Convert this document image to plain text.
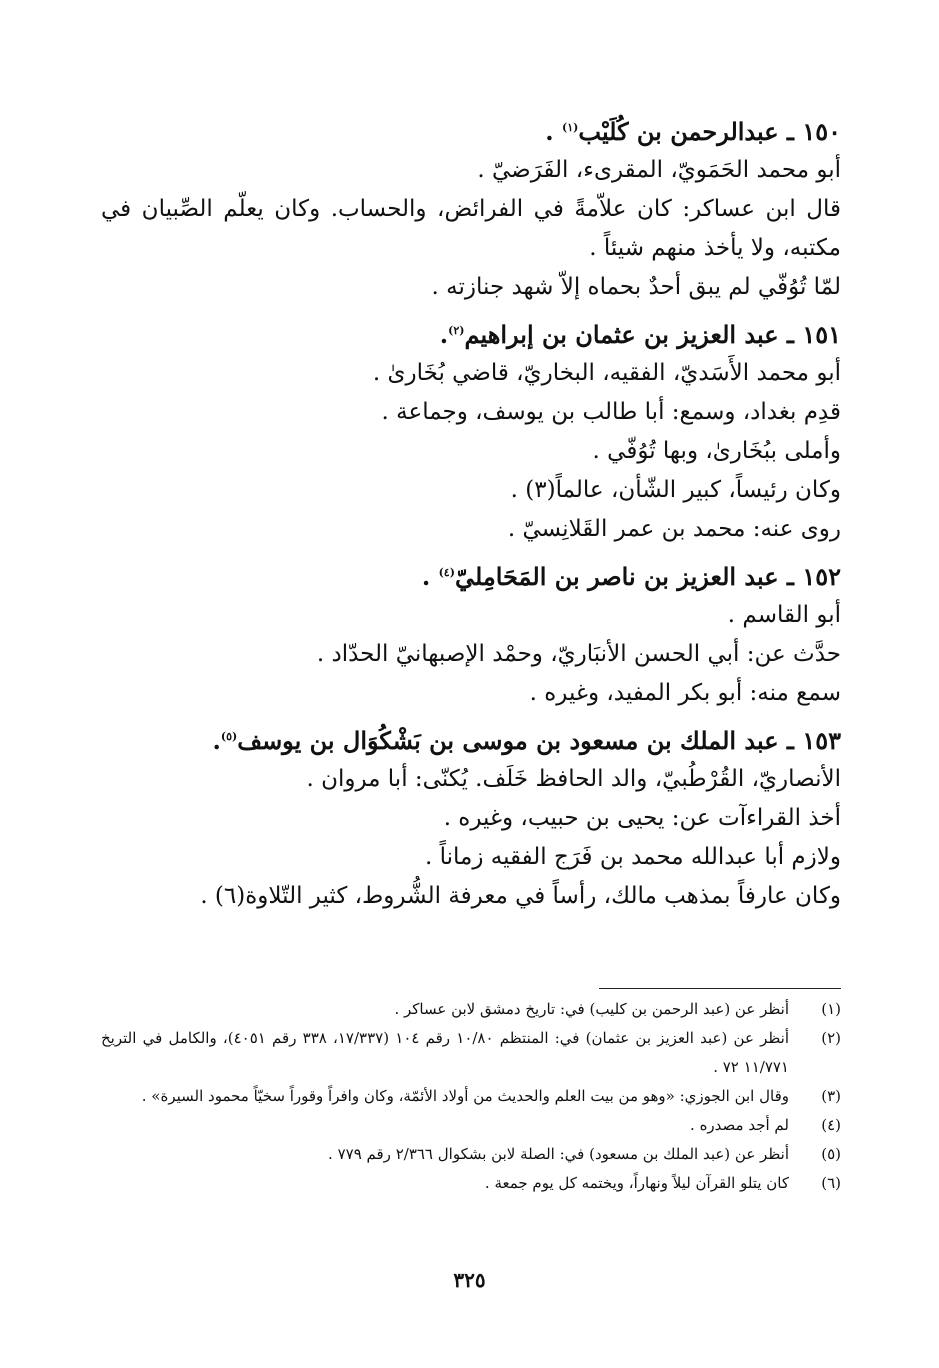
١٥٠ ـ عبدالرحمن بن كُلَيْب$^{(١)}$ .
أبو محمد الحَمَويّ، المقرىء، الفَرَضيّ .
قال ابن عساكر: كان علاّمةً في الفرائض، والحساب. وكان يعلّم الصِّبيان في مكتبه، ولا يأخذ منهم شيئاً .
لمّا تُوُفّي لم يبق أحدٌ بحماه إلاّ شهد جنازته .
١٥١ ـ عبد العزيز بن عثمان بن إبراهيم$^{(٢)}$.
أبو محمد الأَسَديّ، الفقيه، البخاريّ، قاضي بُخَارىٰ .
قدِم بغداد، وسمع: أبا طالب بن يوسف، وجماعة .
وأملى ببُخَارىٰ، وبها تُوُفّي .
وكان رئيساً، كبير الشّأن، عالماً(٣) .
روى عنه: محمد بن عمر القَلانِسيّ .
١٥٢ ـ عبد العزيز بن ناصر بن المَحَامِليّ$^{(٤)}$ .
أبو القاسم .
حدَّث عن: أبي الحسن الأنبَاريّ، وحمْد الإصبهانيّ الحدّاد .
سمع منه: أبو بكر المفيد، وغيره .
١٥٣ ـ عبد الملك بن مسعود بن موسى بن بَشْكُوَال بن يوسف$^{(٥)}$.
الأنصاريّ، القُرْطُبيّ، والد الحافظ خَلَف. يُكنّى: أبا مروان .
أخذ القراءآت عن: يحيى بن حبيب، وغيره .
ولازم أبا عبدالله محمد بن فَرَج الفقيه زماناً .
وكان عارفاً بمذهب مالك، رأساً في معرفة الشُّروط، كثير التّلاوة(٦) .
(١)
أنظر عن (عبد الرحمن بن كليب) في: تاريخ دمشق لابن عساكر .
(٢)
أنظر عن (عبد العزيز بن عثمان) في: المنتظم ١٠/٨٠ رقم ١٠٤ (١٧/٣٣٧، ٣٣٨ رقم ٤٠٥١)، والكامل في التريخ ١١/٧٧١ ٧٢ .
(٣)
وقال ابن الجوزي: «وهو من بيت العلم والحديث من أولاد الأئمّة، وكان وافراً وقوراً سخيّاً محمود السيرة» .
(٤)
لم أجد مصدره .
(٥)
أنظر عن (عبد الملك بن مسعود) في: الصلة لابن بشكوال ٢/٣٦٦ رقم ٧٧٩ .
(٦)
كان يتلو القرآن ليلاً ونهاراً، ويختمه كل يوم جمعة .
٣٢٥
